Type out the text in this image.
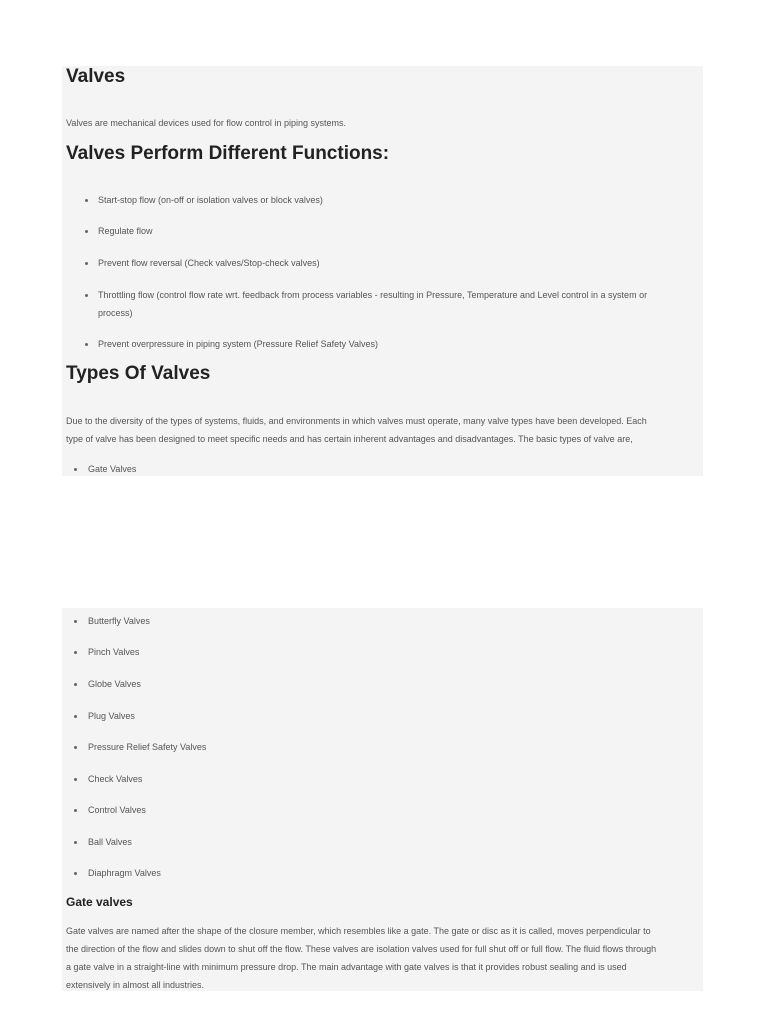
Valves

Valves are mechanical devices used for flow control in piping systems.

Valves Perform Different Functions:

Start-stop flow (on-off or isolation valves or block valves)

Regulate flow

Prevent flow reversal (Check valves/Stop-check valves)

Throttling flow (control flow rate wrt. feedback from process variables - resulting in Pressure, Temperature and Level control in a system or

process)

Prevent overpressure in piping system (Pressure Relief Safety Valves)

Types Of Valves

Due to the diversity of the types of systems, fluids, and environments in which valves must operate, many valve types have been developed. Each

type of valve has been designed to meet specific needs and has certain inherent advantages and disadvantages. The basic types of valve are,

Gate Valves

Butterfly Valves

Pinch Valves

Globe Valves

Plug Valves

Pressure Relief Safety Valves

Check Valves

Control Valves

Ball Valves

Diaphragm Valves

Gate valves

Gate valves are named after the shape of the closure member, which resembles like a gate. The gate or disc as it is called, moves perpendicular to

the direction of the flow and slides down to shut off the flow. These valves are isolation valves used for full shut off or full flow. The fluid flows through

a gate valve in a straight-line with minimum pressure drop. The main advantage with gate valves is that it provides robust sealing and is used

extensively in almost all industries.
